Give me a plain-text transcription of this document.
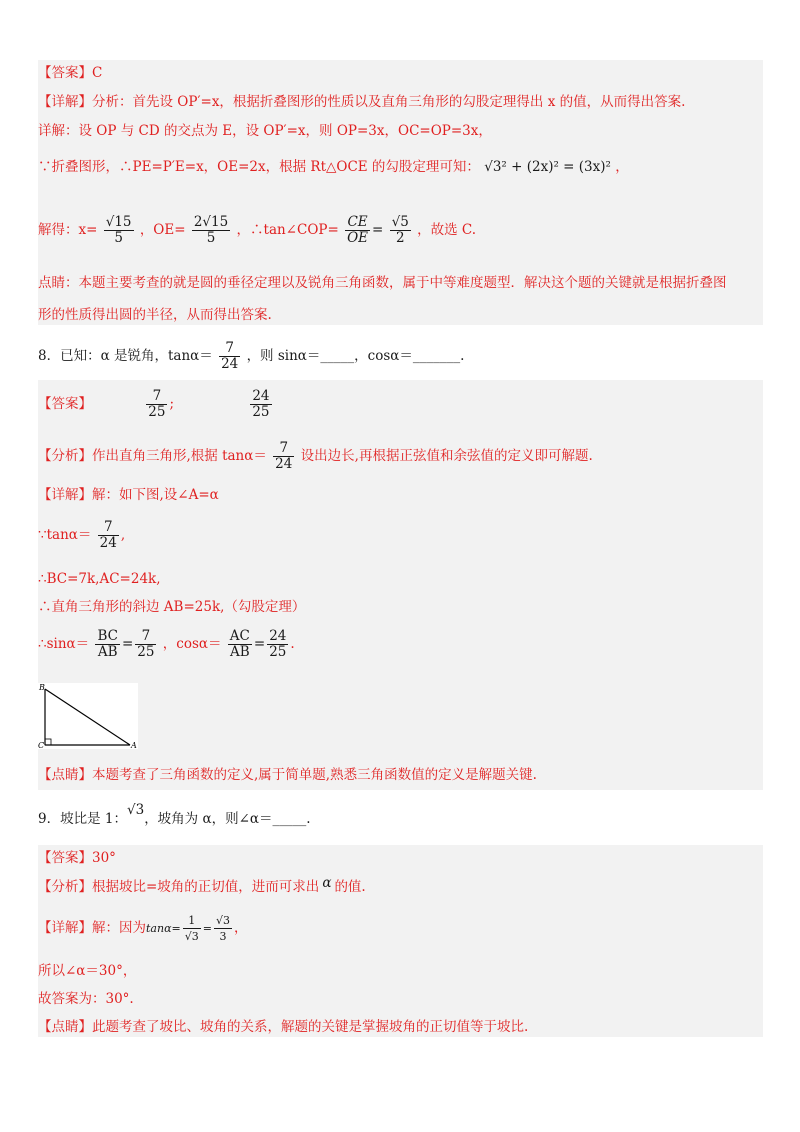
【答案】C
【详解】分析：首先设 OP′=x，根据折叠图形的性质以及直角三角形的勾股定理得出 x 的值，从而得出答案.
详解：设 OP 与 CD 的交点为 E，设 OP′=x，则 OP=3x，OC=OP=3x，
∵折叠图形，∴PE=P′E=x，OE=2x，根据 Rt△OCE 的勾股定理可知： √3² + (2x)² = (3x)² ，
解得：$x= \frac{√15}{5}$ ，$OE= \frac{2√15}{5}$ ，∴tan∠COP= $\frac{CE}{OE} = \frac{√5}{2}$ ，故选 C.
点睛：本题主要考查的就是圆的垂径定理以及锐角三角函数，属于中等难度题型．解决这个题的关键就是根据折叠图
形的性质得出圆的半径，从而得出答案.
8．已知：α 是锐角，$\tan\alpha= \frac{7}{24}$ ，则 sinα＝_____，cosα＝_______.
【答案】	$\frac{7}{25}$ ;	$\frac{24}{25}$
【分析】作出直角三角形,根据 $\tan\alpha= \frac{7}{24}$ 设出边长,再根据正弦值和余弦值的定义即可解题.
【详解】解：如下图,设∠A=α
∵tanα＝ $\frac{7}{24}$ ,
∴BC=7k,AC=24k,
∴直角三角形的斜边 AB=25k,（勾股定理）
∴sinα＝ $\frac{BC}{AB} = \frac{7}{25}$ ，$\cos\alpha= \frac{AC}{AB} = \frac{24}{25}$ .
B
C	A
【点睛】本题考查了三角函数的定义,属于简单题,熟悉三角函数值的定义是解题关键.
9．坡比是 1：√3，坡角为 α，则∠α＝_____.
【答案】30°
【分析】根据坡比=坡角的正切值，进而可求出 α 的值.
【详解】解：因为$\tan\alpha= \frac{1}{√3} = \frac{√3}{3}$ ，
所以∠α＝30°，
故答案为：30°.
【点睛】此题考查了坡比、坡角的关系，解题的关键是掌握坡角的正切值等于坡比.
